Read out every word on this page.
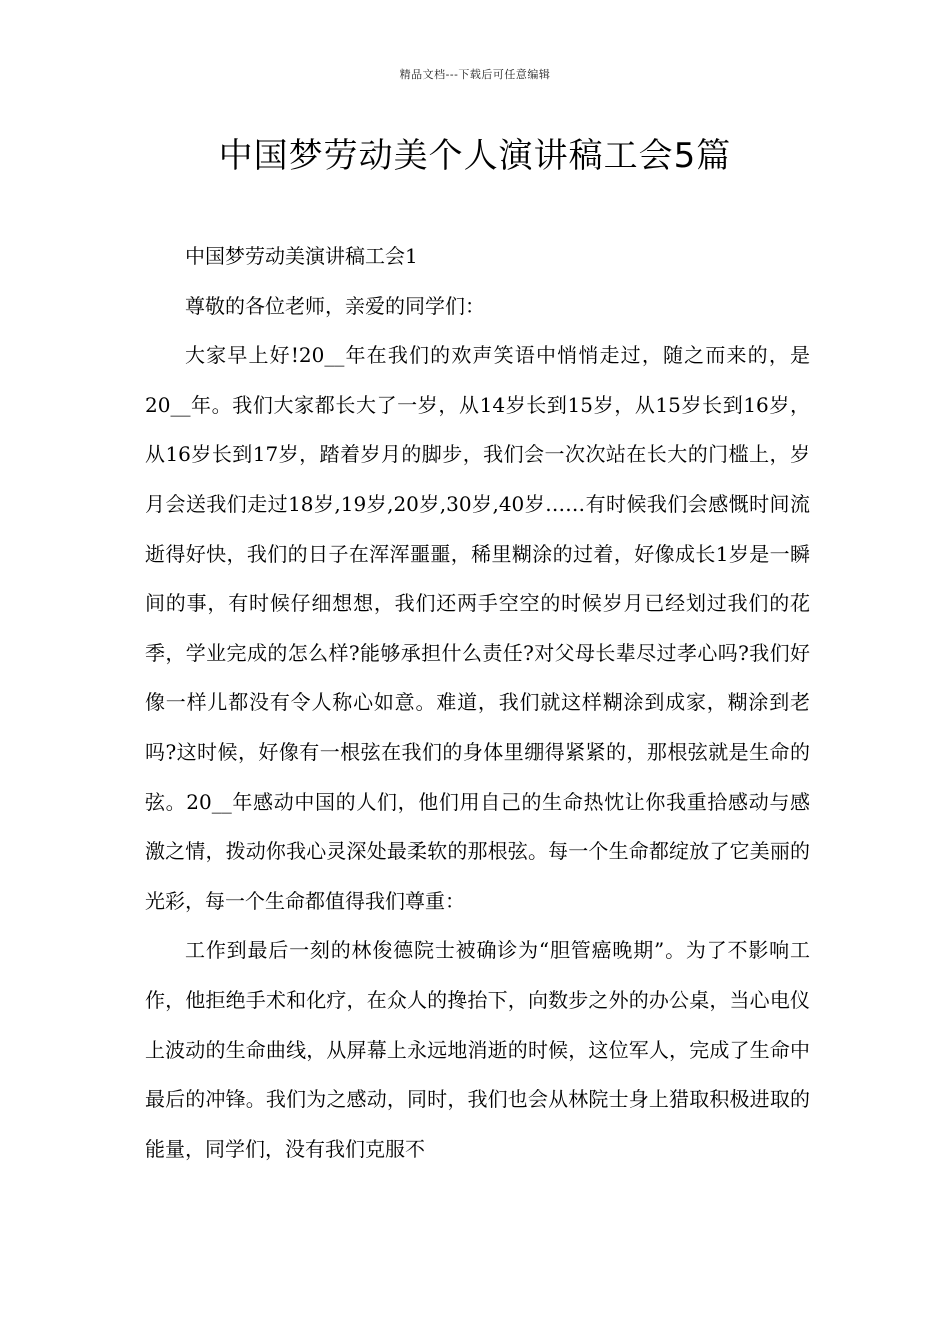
精品文档---下载后可任意编辑
中国梦劳动美个人演讲稿工会5篇

中国梦劳动美演讲稿工会1

尊敬的各位老师，亲爱的同学们：

大家早上好!20__年在我们的欢声笑语中悄悄走过，随之而来的，是20__年。我们大家都长大了一岁，从14岁长到15岁，从15岁长到16岁，从16岁长到17岁，踏着岁月的脚步，我们会一次次站在长大的门槛上，岁月会送我们走过18岁,19岁,20岁,30岁,40岁……有时候我们会感慨时间流逝得好快，我们的日子在浑浑噩噩，稀里糊涂的过着，好像成长1岁是一瞬间的事，有时候仔细想想，我们还两手空空的时候岁月已经划过我们的花季，学业完成的怎么样?能够承担什么责任?对父母长辈尽过孝心吗?我们好像一样儿都没有令人称心如意。难道，我们就这样糊涂到成家，糊涂到老吗?这时候，好像有一根弦在我们的身体里绷得紧紧的，那根弦就是生命的弦。20__年感动中国的人们，他们用自己的生命热忱让你我重拾感动与感激之情，拨动你我心灵深处最柔软的那根弦。每一个生命都绽放了它美丽的光彩，每一个生命都值得我们尊重：

工作到最后一刻的林俊德院士被确诊为“胆管癌晚期”。为了不影响工作，他拒绝手术和化疗，在众人的搀抬下，向数步之外的办公桌，当心电仪上波动的生命曲线，从屏幕上永远地消逝的时候，这位军人，完成了生命中最后的冲锋。我们为之感动，同时，我们也会从林院士身上猎取积极进取的能量，同学们，没有我们克服不
